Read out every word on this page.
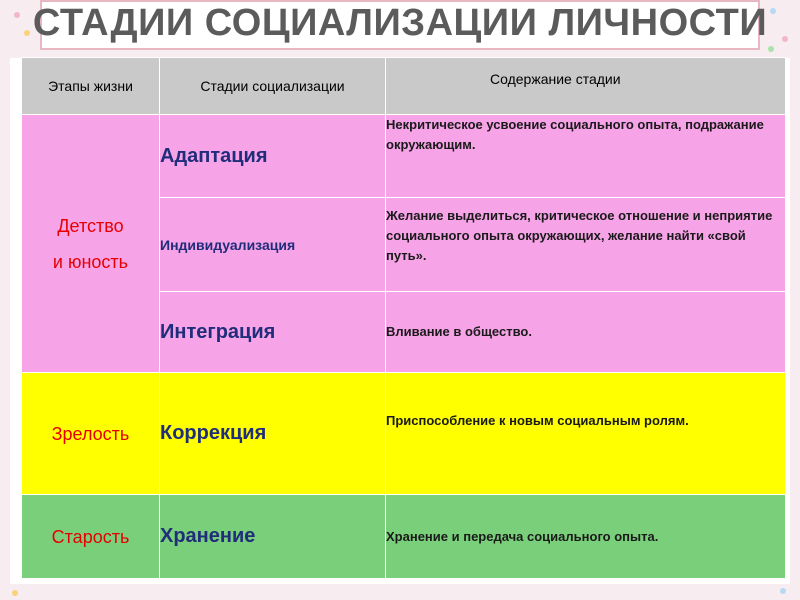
СТАДИИ СОЦИАЛИЗАЦИИ ЛИЧНОСТИ
Этапы жизни	Стадии социализации	Содержание стадии

Детство и юность	Адаптация	Некритическое усвоение социального опыта, подражание окружающим.
	Индивидуализация	Желание выделиться, критическое отношение и неприятие социального опыта окружающих, желание найти «свой путь».
	Интеграция	Вливание в общество.
Зрелость	Коррекция	Приспособление к новым социальным ролям.
Старость	Хранение	Хранение и передача социального опыта.
